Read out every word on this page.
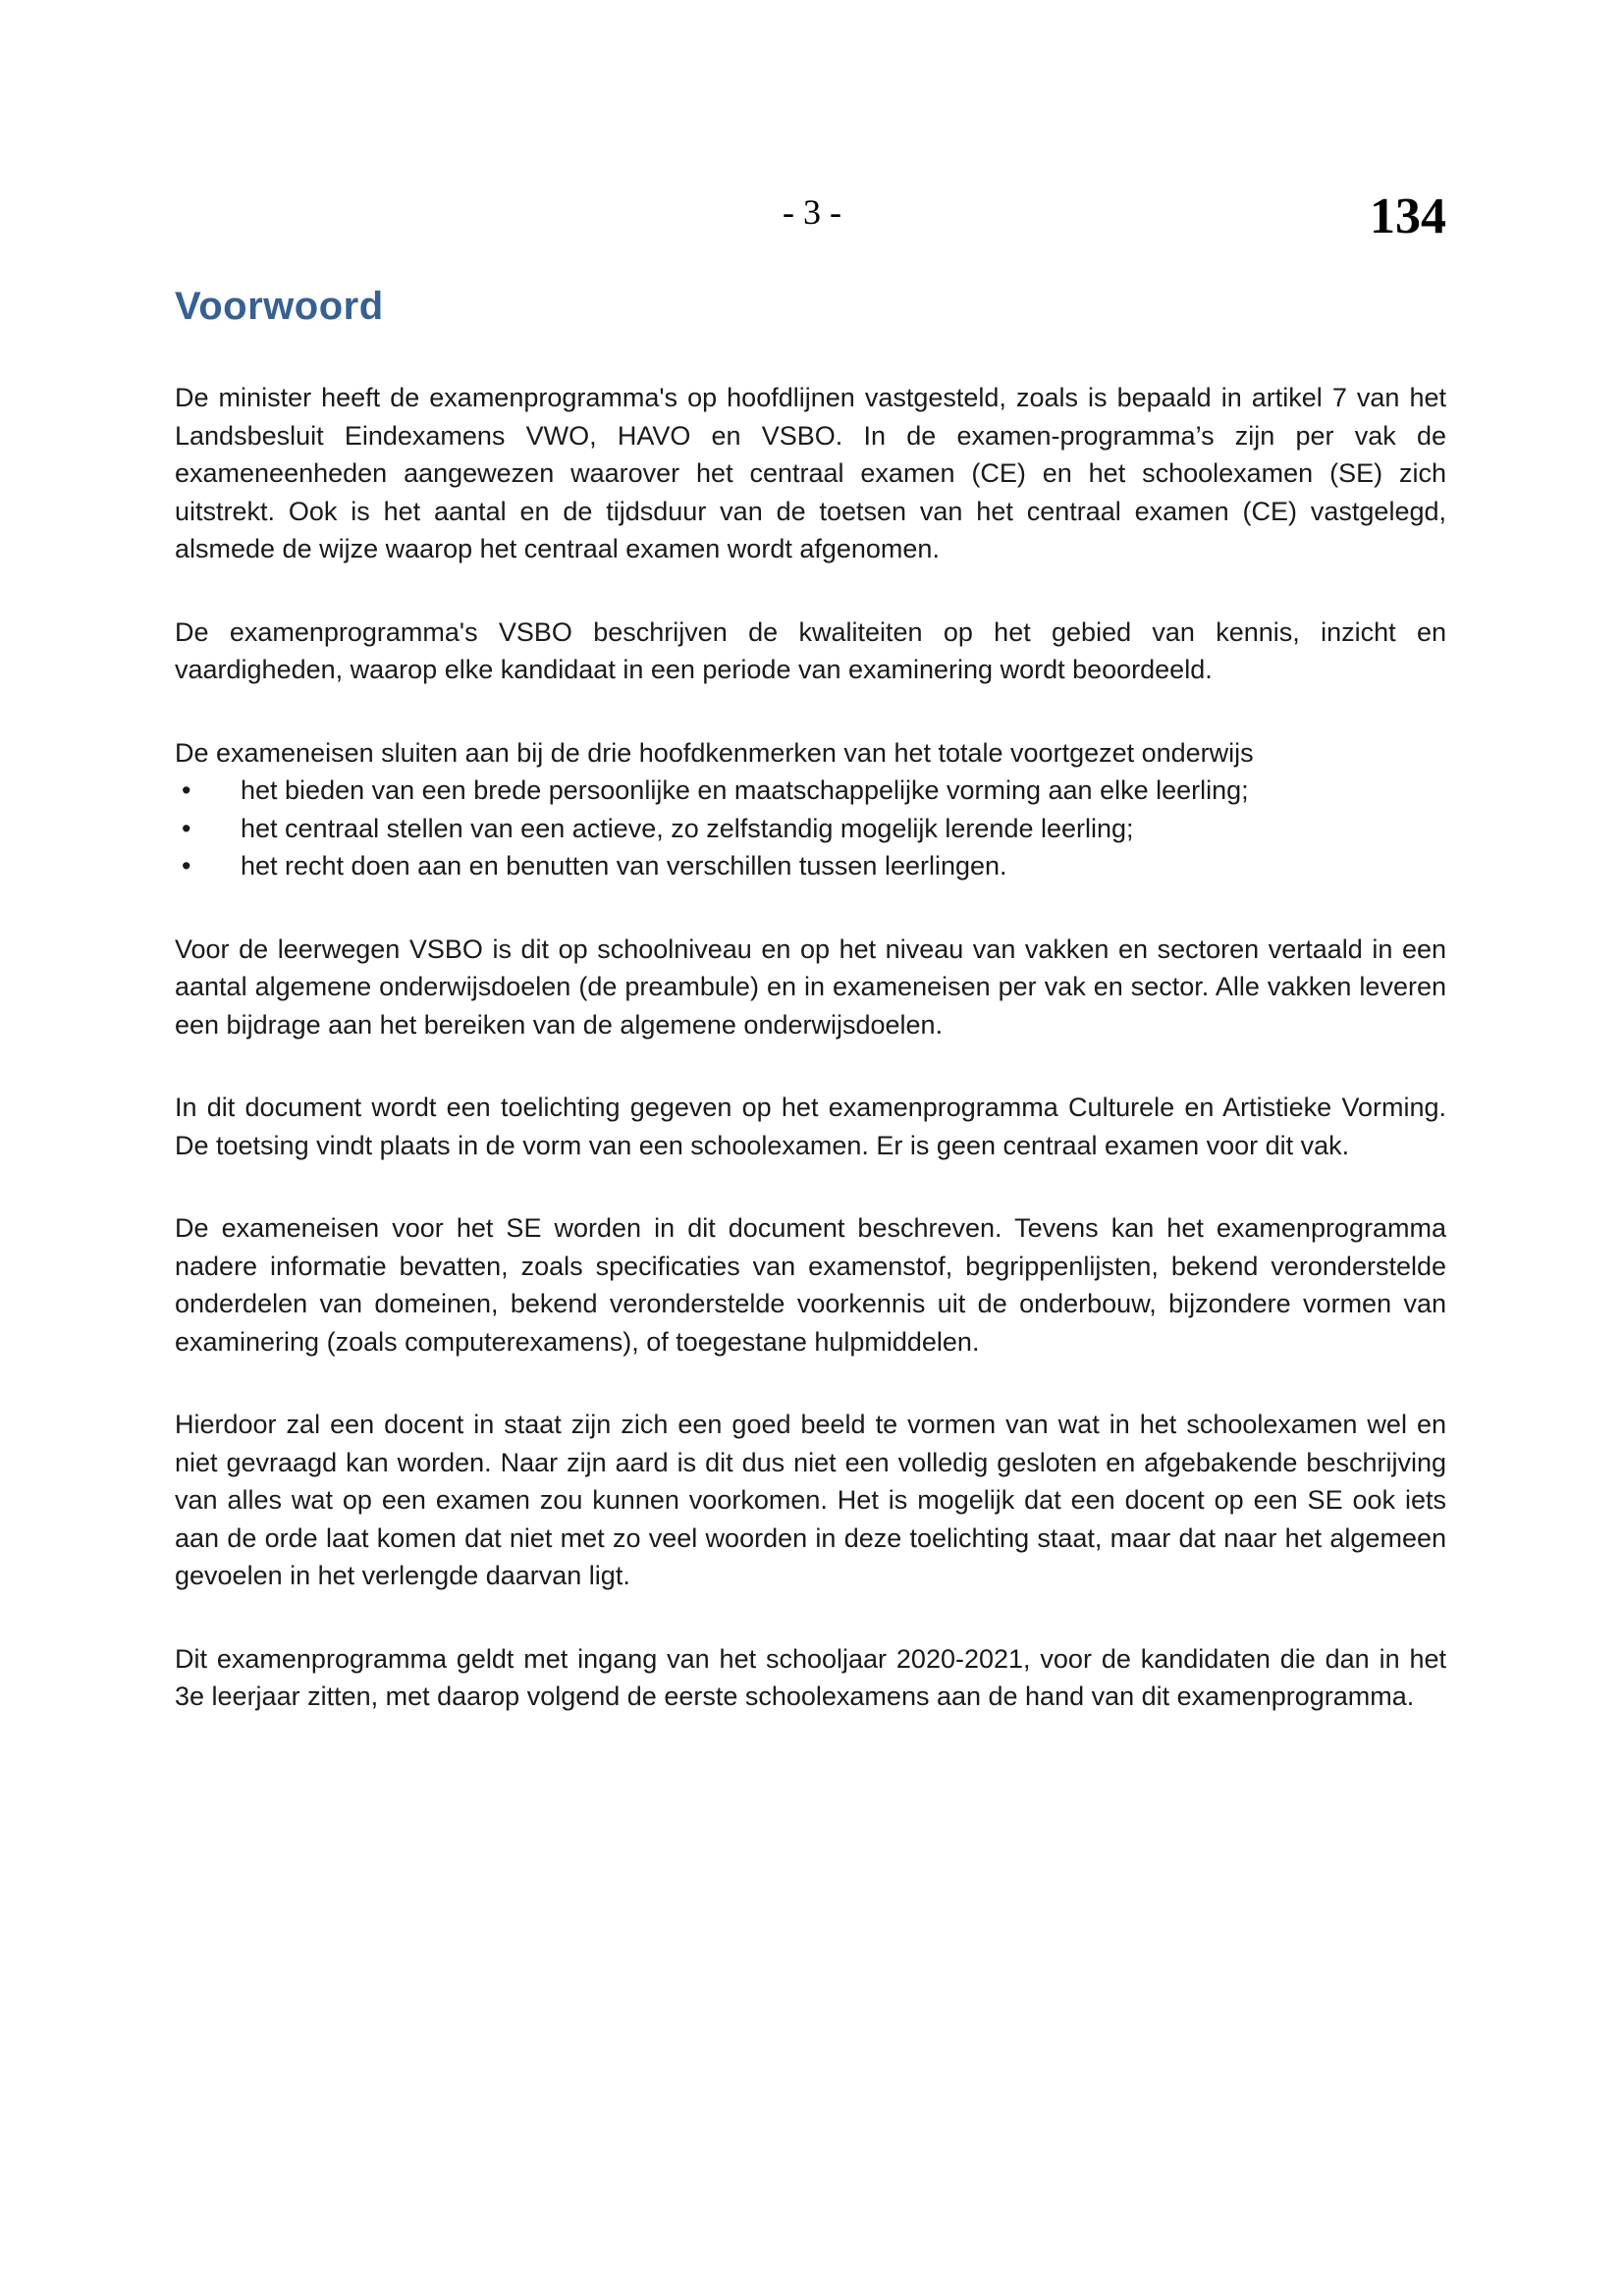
- 3 -	134
Voorwoord

De minister heeft de examenprogramma's op hoofdlijnen vastgesteld, zoals is bepaald in artikel 7 van het Landsbesluit Eindexamens VWO, HAVO en VSBO. In de examen-programma’s zijn per vak de exameneenheden aangewezen waarover het centraal examen (CE) en het schoolexamen (SE) zich uitstrekt. Ook is het aantal en de tijdsduur van de toetsen van het centraal examen (CE) vastgelegd, alsmede de wijze waarop het centraal examen wordt afgenomen.

De examenprogramma's VSBO beschrijven de kwaliteiten op het gebied van kennis, inzicht en vaardigheden, waarop elke kandidaat in een periode van examinering wordt beoordeeld.

De exameneisen sluiten aan bij de drie hoofdkenmerken van het totale voortgezet onderwijs

•	het bieden van een brede persoonlijke en maatschappelijke vorming aan elke leerling;
•	het centraal stellen van een actieve, zo zelfstandig mogelijk lerende leerling;
•	het recht doen aan en benutten van verschillen tussen leerlingen.

Voor de leerwegen VSBO is dit op schoolniveau en op het niveau van vakken en sectoren vertaald in een aantal algemene onderwijsdoelen (de preambule) en in exameneisen per vak en sector. Alle vakken leveren een bijdrage aan het bereiken van de algemene onderwijsdoelen.

In dit document wordt een toelichting gegeven op het examenprogramma Culturele en Artistieke Vorming. De toetsing vindt plaats in de vorm van een schoolexamen. Er is geen centraal examen voor dit vak.

De exameneisen voor het SE worden in dit document beschreven. Tevens kan het examenprogramma nadere informatie bevatten, zoals specificaties van examenstof, begrippenlijsten, bekend veronderstelde onderdelen van domeinen, bekend veronderstelde voorkennis uit de onderbouw, bijzondere vormen van examinering (zoals computerexamens), of toegestane hulpmiddelen.

Hierdoor zal een docent in staat zijn zich een goed beeld te vormen van wat in het schoolexamen wel en niet gevraagd kan worden. Naar zijn aard is dit dus niet een volledig gesloten en afgebakende beschrijving van alles wat op een examen zou kunnen voorkomen. Het is mogelijk dat een docent op een SE ook iets aan de orde laat komen dat niet met zo veel woorden in deze toelichting staat, maar dat naar het algemeen gevoelen in het verlengde daarvan ligt.

Dit examenprogramma geldt met ingang van het schooljaar 2020-2021, voor de kandidaten die dan in het 3e leerjaar zitten, met daarop volgend de eerste schoolexamens aan de hand van dit examenprogramma.
